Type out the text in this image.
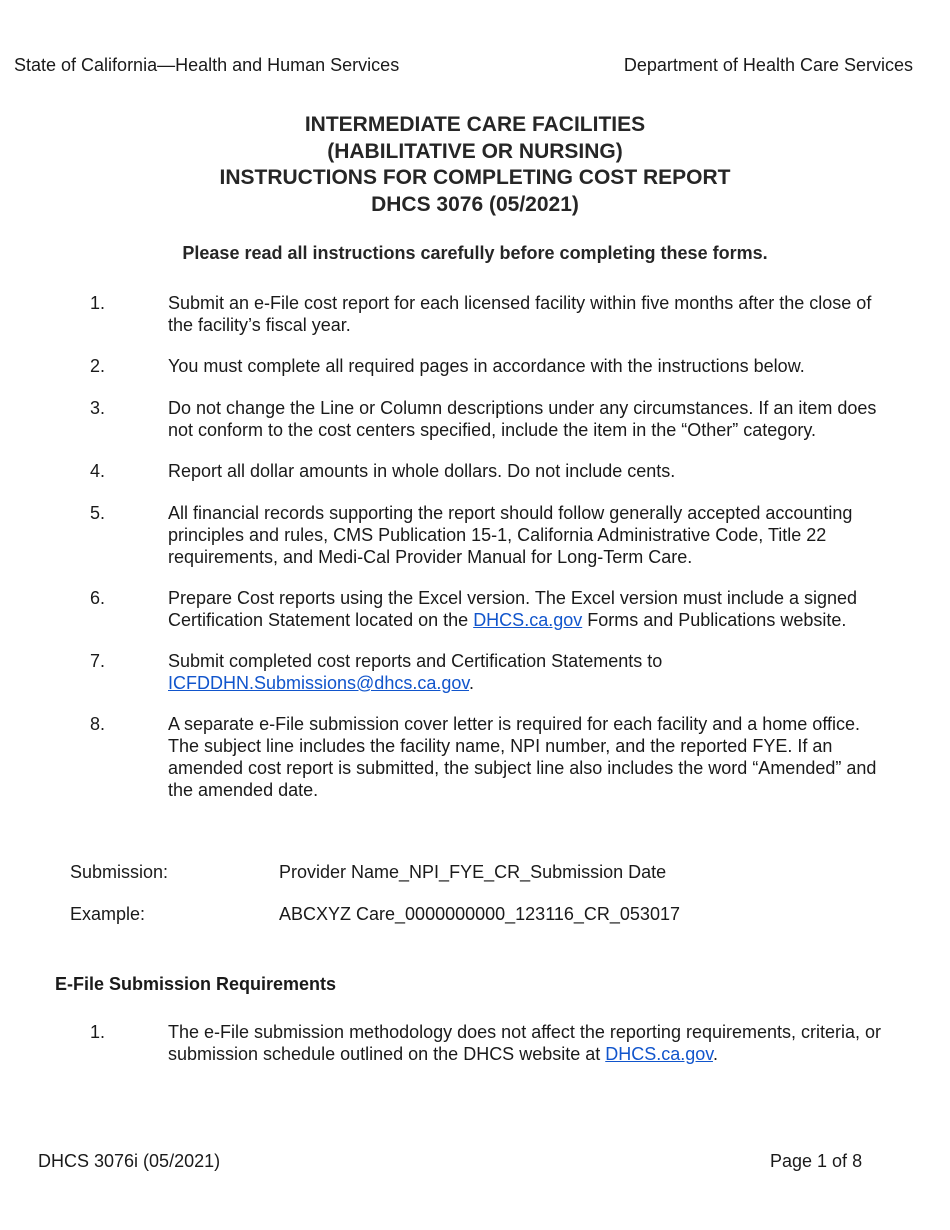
State of California—Health and Human Services	Department of Health Care Services
INTERMEDIATE CARE FACILITIES
(HABILITATIVE OR NURSING)
INSTRUCTIONS FOR COMPLETING COST REPORT
DHCS 3076 (05/2021)
Please read all instructions carefully before completing these forms.
1.	Submit an e-File cost report for each licensed facility within five months after the close of the facility’s fiscal year.
2.	You must complete all required pages in accordance with the instructions below.
3.	Do not change the Line or Column descriptions under any circumstances. If an item does not conform to the cost centers specified, include the item in the “Other” category.
4.	Report all dollar amounts in whole dollars. Do not include cents.
5.	All financial records supporting the report should follow generally accepted accounting principles and rules, CMS Publication 15-1, California Administrative Code, Title 22 requirements, and Medi-Cal Provider Manual for Long-Term Care.
6.	Prepare Cost reports using the Excel version. The Excel version must include a signed Certification Statement located on the DHCS.ca.gov Forms and Publications website.
7.	Submit completed cost reports and Certification Statements to
ICFDDHN.Submissions@dhcs.ca.gov.
8.	A separate e-File submission cover letter is required for each facility and a home office. The subject line includes the facility name, NPI number, and the reported FYE. If an amended cost report is submitted, the subject line also includes the word “Amended” and the amended date.
Submission:	Provider Name_NPI_FYE_CR_Submission Date
Example:	ABCXYZ Care_0000000000_123116_CR_053017
E-File Submission Requirements
1.	The e-File submission methodology does not affect the reporting requirements, criteria, or submission schedule outlined on the DHCS website at DHCS.ca.gov.
DHCS 3076i (05/2021)	Page 1 of 8
